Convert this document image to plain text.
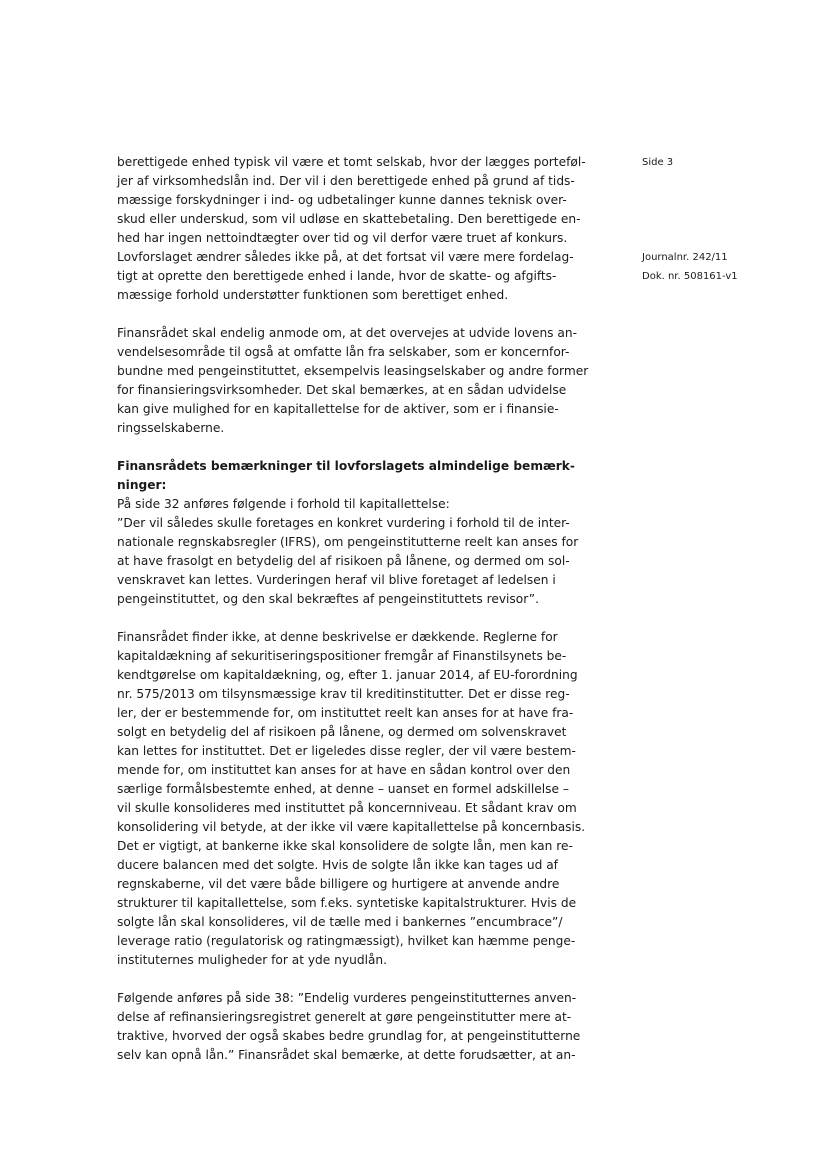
berettigede enhed typisk vil være et tomt selskab, hvor der lægges porteføl-
jer af virksomhedslån ind. Der vil i den berettigede enhed på grund af tids-
mæssige forskydninger i ind- og udbetalinger kunne dannes teknisk over-
skud eller underskud, som vil udløse en skattebetaling. Den berettigede en-
hed har ingen nettoindtægter over tid og vil derfor være truet af konkurs.
Lovforslaget ændrer således ikke på, at det fortsat vil være mere fordelag-
tigt at oprette den berettigede enhed i lande, hvor de skatte- og afgifts-
mæssige forhold understøtter funktionen som berettiget enhed.
Finansrådet skal endelig anmode om, at det overvejes at udvide lovens an-
vendelsesområde til også at omfatte lån fra selskaber, som er koncernfor-
bundne med pengeinstituttet, eksempelvis leasingselskaber og andre former
for finansieringsvirksomheder. Det skal bemærkes, at en sådan udvidelse
kan give mulighed for en kapitallettelse for de aktiver, som er i finansie-
ringsselskaberne.
Finansrådets bemærkninger til lovforslagets almindelige bemærk-
ninger:
På side 32 anføres følgende i forhold til kapitallettelse:
”Der vil således skulle foretages en konkret vurdering i forhold til de inter-
nationale regnskabsregler (IFRS), om pengeinstitutterne reelt kan anses for
at have frasolgt en betydelig del af risikoen på lånene, og dermed om sol-
venskravet kan lettes. Vurderingen heraf vil blive foretaget af ledelsen i
pengeinstituttet, og den skal bekræftes af pengeinstituttets revisor”.
Finansrådet finder ikke, at denne beskrivelse er dækkende. Reglerne for
kapitaldækning af sekuritiseringspositioner fremgår af Finanstilsynets be-
kendtgørelse om kapitaldækning, og, efter 1. januar 2014, af EU-forordning
nr. 575/2013 om tilsynsmæssige krav til kreditinstitutter. Det er disse reg-
ler, der er bestemmende for, om instituttet reelt kan anses for at have fra-
solgt en betydelig del af risikoen på lånene, og dermed om solvenskravet
kan lettes for instituttet. Det er ligeledes disse regler, der vil være bestem-
mende for, om instituttet kan anses for at have en sådan kontrol over den
særlige formålsbestemte enhed, at denne – uanset en formel adskillelse –
vil skulle konsolideres med instituttet på koncernniveau. Et sådant krav om
konsolidering vil betyde, at der ikke vil være kapitallettelse på koncernbasis.
Det er vigtigt, at bankerne ikke skal konsolidere de solgte lån, men kan re-
ducere balancen med det solgte. Hvis de solgte lån ikke kan tages ud af
regnskaberne, vil det være både billigere og hurtigere at anvende andre
strukturer til kapitallettelse, som f.eks. syntetiske kapitalstrukturer. Hvis de
solgte lån skal konsolideres, vil de tælle med i bankernes ”encumbrace”/
leverage ratio (regulatorisk og ratingmæssigt), hvilket kan hæmme penge-
instituternes muligheder for at yde nyudlån.
Følgende anføres på side 38: ”Endelig vurderes pengeinstitutternes anven-
delse af refinansieringsregistret generelt at gøre pengeinstitutter mere at-
traktive, hvorved der også skabes bedre grundlag for, at pengeinstitutterne
selv kan opnå lån.” Finansrådet skal bemærke, at dette forudsætter, at an-
Side 3
Journalnr. 242/11
Dok. nr. 508161-v1
